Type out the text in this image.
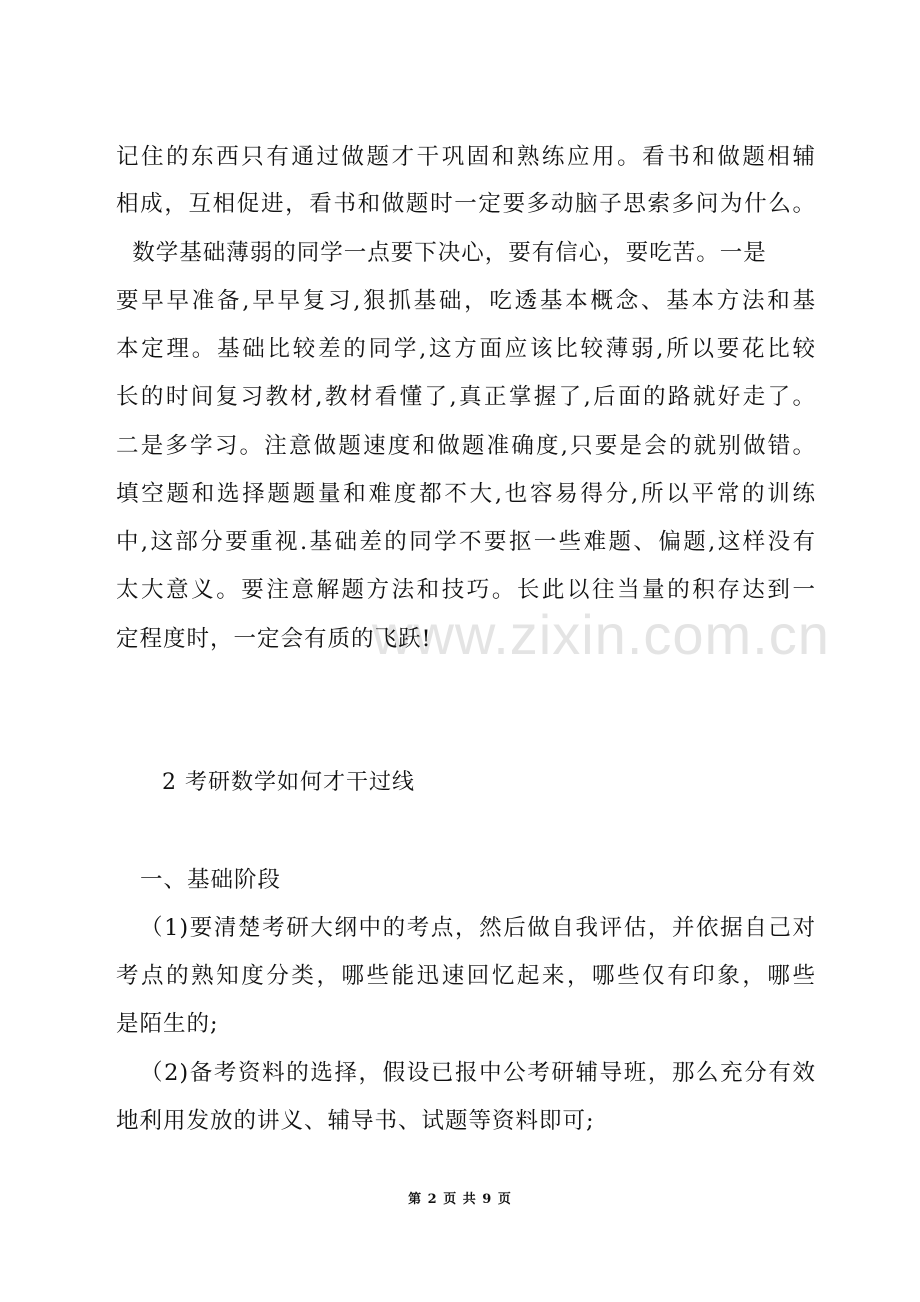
www.zixin.com.cn
记住的东西只有通过做题才干巩固和熟练应用。看书和做题相辅
相成，互相促进，看书和做题时一定要多动脑子思索多问为什么。
数学基础薄弱的同学一点要下决心，要有信心，要吃苦。一是
要早早准备,早早复习,狠抓基础，吃透基本概念、基本方法和基
本定理。基础比较差的同学,这方面应该比较薄弱,所以要花比较
长的时间复习教材,教材看懂了,真正掌握了,后面的路就好走了。
二是多学习。注意做题速度和做题准确度,只要是会的就别做错。
填空题和选择题题量和难度都不大,也容易得分,所以平常的训练
中,这部分要重视.基础差的同学不要抠一些难题、偏题,这样没有
太大意义。要注意解题方法和技巧。长此以往当量的积存达到一
定程度时，一定会有质的飞跃!
2 考研数学如何才干过线
一、基础阶段
（1)要清楚考研大纲中的考点，然后做自我评估，并依据自己对
考点的熟知度分类，哪些能迅速回忆起来，哪些仅有印象，哪些
是陌生的;
（2)备考资料的选择，假设已报中公考研辅导班，那么充分有效
地利用发放的讲义、辅导书、试题等资料即可;
第 2 页 共 9 页
